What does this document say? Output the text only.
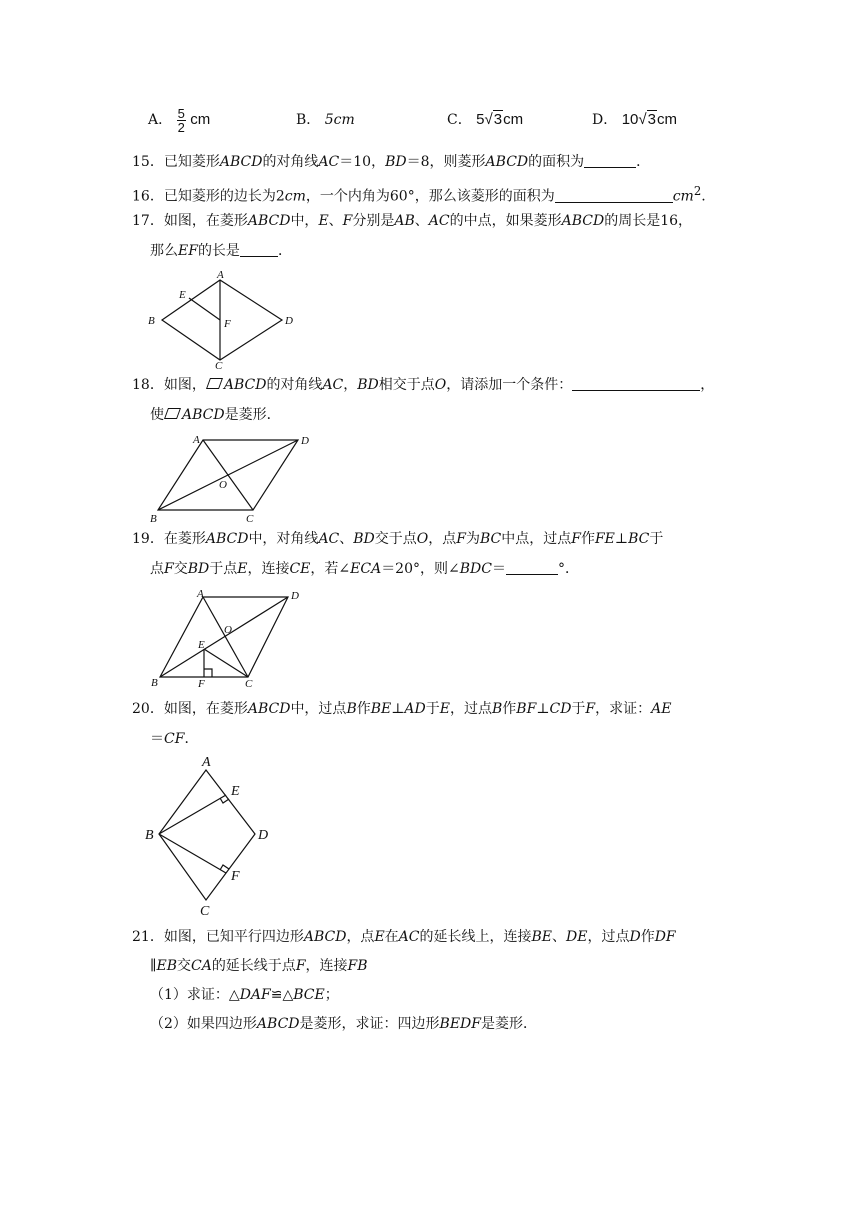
A． $\frac{5}{2}$ cm	B． 5cm	C． 5√3cm	D． 10√3cm
15．已知菱形ABCD的对角线AC＝10，BD＝8，则菱形ABCD的面积为	．
16．已知菱形的边长为2cm，一个内角为60°，那么该菱形的面积为	$cm^2$.
17．如图，在菱形ABCD中，E、F分别是AB、AC的中点，如果菱形ABCD的周长是16，
那么EF的长是	．
A
B
C
D
E
F
18．如图， ABCD的对角线AC，BD相交于点O，请添加一个条件：	，
使 ABCD是菱形．
A
B	C
D
O
19．在菱形ABCD中，对角线AC、BD交于点O，点F为BC中点，过点F作FE⊥BC于
点F交BD于点E，连接CE，若∠ECA＝20°，则∠BDC＝	°．
A
B	C
D
O
E
F
20．如图，在菱形ABCD中，过点B作BE⊥AD于E，过点B作BF⊥CD于F，求证：AE
＝CF．
A
B
C
D
E
F
21．如图，已知平行四边形ABCD，点E在AC的延长线上，连接BE、DE，过点D作DF
∥EB交CA的延长线于点F，连接FB
（1）求证：△DAF≌△BCE；
（2）如果四边形ABCD是菱形，求证：四边形BEDF是菱形．
